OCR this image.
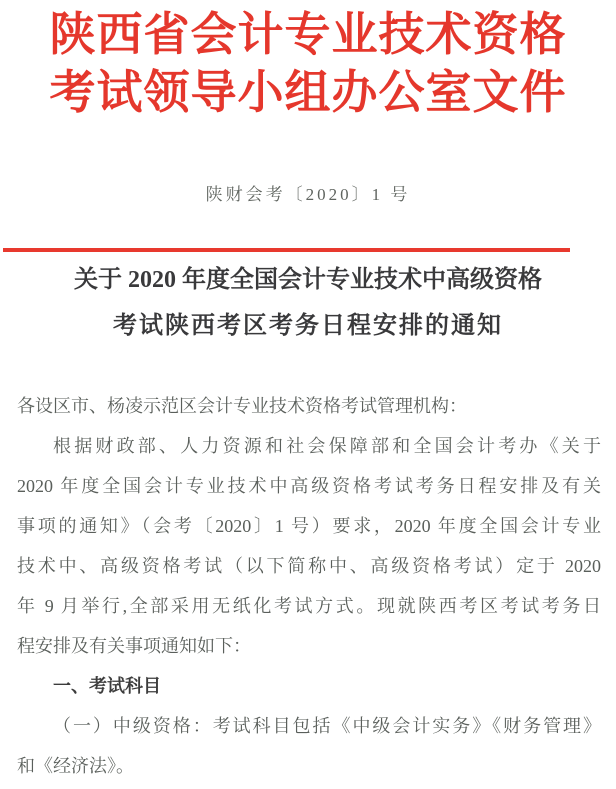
陕西省会计专业技术资格
考试领导小组办公室文件
陕财会考〔2020〕1 号
关于 2020 年度全国会计专业技术中高级资格
考试陕西考区考务日程安排的通知
各设区市、杨凌示范区会计专业技术资格考试管理机构：
根据财政部、人力资源和社会保障部和全国会计考办《关于
2020 年度全国会计专业技术中高级资格考试考务日程安排及有关
事项的通知》（会考〔2020〕1 号）要求，2020 年度全国会计专业
技术中、高级资格考试（以下简称中、高级资格考试）定于 2020
年 9 月举行,全部采用无纸化考试方式。现就陕西考区考试考务日
程安排及有关事项通知如下：
一、考试科目
（一）中级资格：考试科目包括《中级会计实务》《财务管理》
和《经济法》。
